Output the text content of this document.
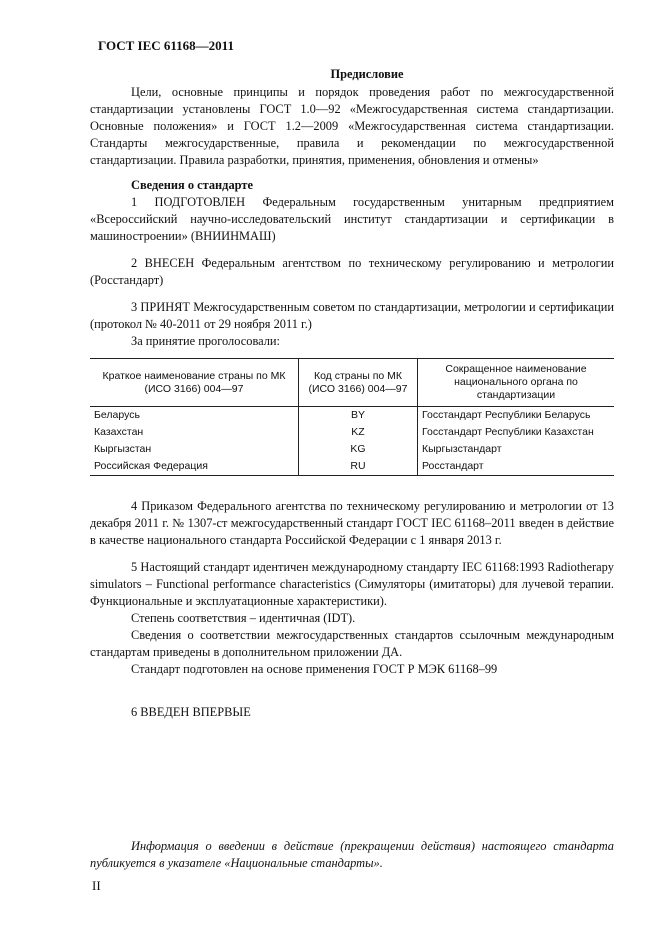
ГОСТ IEC 61168—2011

Предисловие

Цели, основные принципы и порядок проведения работ по межгосударственной стандартизации установлены ГОСТ 1.0—92 «Межгосударственная система стандартизации. Основные положения» и ГОСТ 1.2—2009 «Межгосударственная система стандартизации. Стандарты межгосударственные, правила и рекомендации по межгосударственной стандартизации. Правила разработки, принятия, применения, обновления и отмены»

Сведения о стандарте

1 ПОДГОТОВЛЕН Федеральным государственным унитарным предприятием «Всероссийский научно-исследовательский институт стандартизации и сертификации в машиностроении» (ВНИИНМАШ)

2 ВНЕСЕН Федеральным агентством по техническому регулированию и метрологии (Росстандарт)

3 ПРИНЯТ Межгосударственным советом по стандартизации, метрологии и сертификации (протокол № 40-2011 от 29 ноября 2011 г.)

За принятие проголосовали:

Краткое наименование страны по МК (ИСО 3166) 004—97	Код страны по МК (ИСО 3166) 004—97	Сокращенное наименование национального органа по стандартизации
Беларусь	BY	Госстандарт Республики Беларусь
Казахстан	KZ	Госстандарт Республики Казахстан
Кыргызстан	KG	Кыргызстандарт
Российская Федерация	RU	Росстандарт

4 Приказом Федерального агентства по техническому регулированию и метрологии от 13 декабря 2011 г. № 1307-ст межгосударственный стандарт ГОСТ IEC 61168–2011 введен в действие в качестве национального стандарта Российской Федерации с 1 января 2013 г.

5 Настоящий стандарт идентичен международному стандарту IEC 61168:1993 Radiotherapy simulators – Functional performance characteristics (Симуляторы (имитаторы) для лучевой терапии. Функциональные и эксплуатационные характеристики).

Степень соответствия – идентичная (IDT).

Сведения о соответствии межгосударственных стандартов ссылочным международным стандартам приведены в дополнительном приложении ДА.

Стандарт подготовлен на основе применения ГОСТ Р МЭК 61168–99

6 ВВЕДЕН ВПЕРВЫЕ

Информация о введении в действие (прекращении действия) настоящего стандарта публикуется в указателе «Национальные стандарты».

II
